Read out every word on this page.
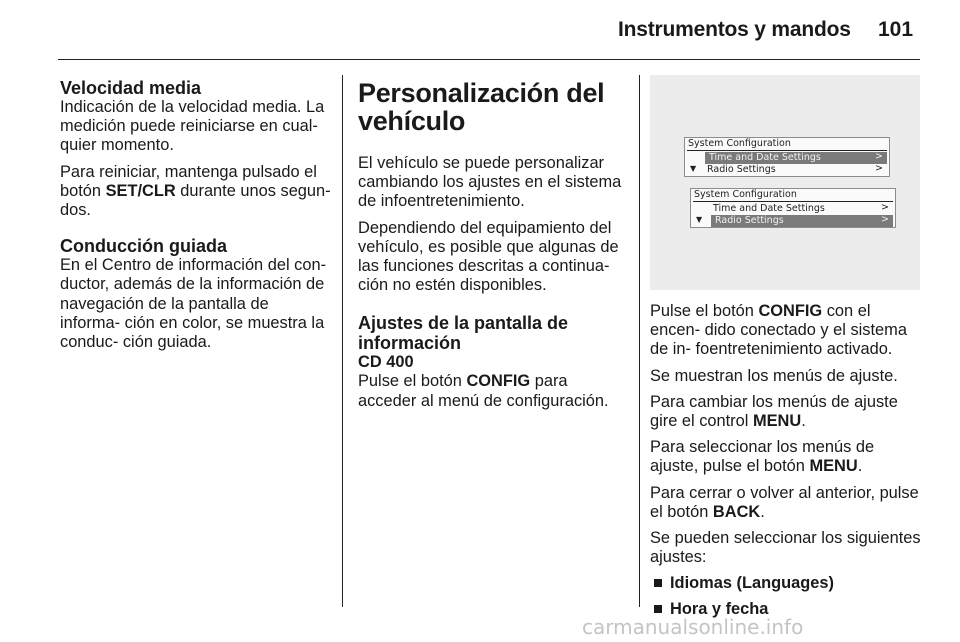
Instrumentos y mandos 101
Velocidad media

Indicación de la velocidad media. La medición puede reiniciarse en cual- quier momento.

Para reiniciar, mantenga pulsado el botón SET/CLR durante unos segun- dos.

Conducción guiada

En el Centro de información del con- ductor, además de la información de navegación de la pantalla de informa- ción en color, se muestra la conduc- ción guiada.

Personalización del vehículo

El vehículo se puede personalizar cambiando los ajustes en el sistema de infoentretenimiento.

Dependiendo del equipamiento del vehículo, es posible que algunas de las funciones descritas a continua- ción no estén disponibles.

Ajustes de la pantalla de información
CD 400

Pulse el botón CONFIG para acceder al menú de configuración.

System Configuration
Time and Date Settings	>
▼ Radio Settings	>
System Configuration
Time and Date Settings	>
▼ Radio Settings	>

Pulse el botón CONFIG con el encen- dido conectado y el sistema de in- foentretenimiento activado.

Se muestran los menús de ajuste.

Para cambiar los menús de ajuste gire el control MENU.

Para seleccionar los menús de ajuste, pulse el botón MENU.

Para cerrar o volver al anterior, pulse el botón BACK.

Se pueden seleccionar los siguientes ajustes:

Idiomas (Languages)
Hora y fecha
carmanualsonline.info
